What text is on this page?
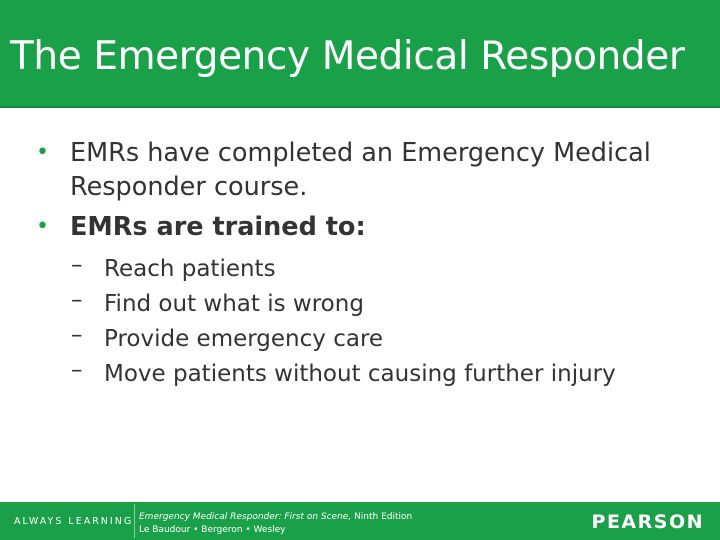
The Emergency Medical Responder
• EMRs have completed an Emergency Medical Responder course.
• EMRs are trained to:
– Reach patients
– Find out what is wrong
– Provide emergency care
– Move patients without causing further injury
ALWAYS LEARNING Emergency Medical Responder: First on Scene, Ninth Edition
Le Baudour • Bergeron • Wesley	PEARSON
